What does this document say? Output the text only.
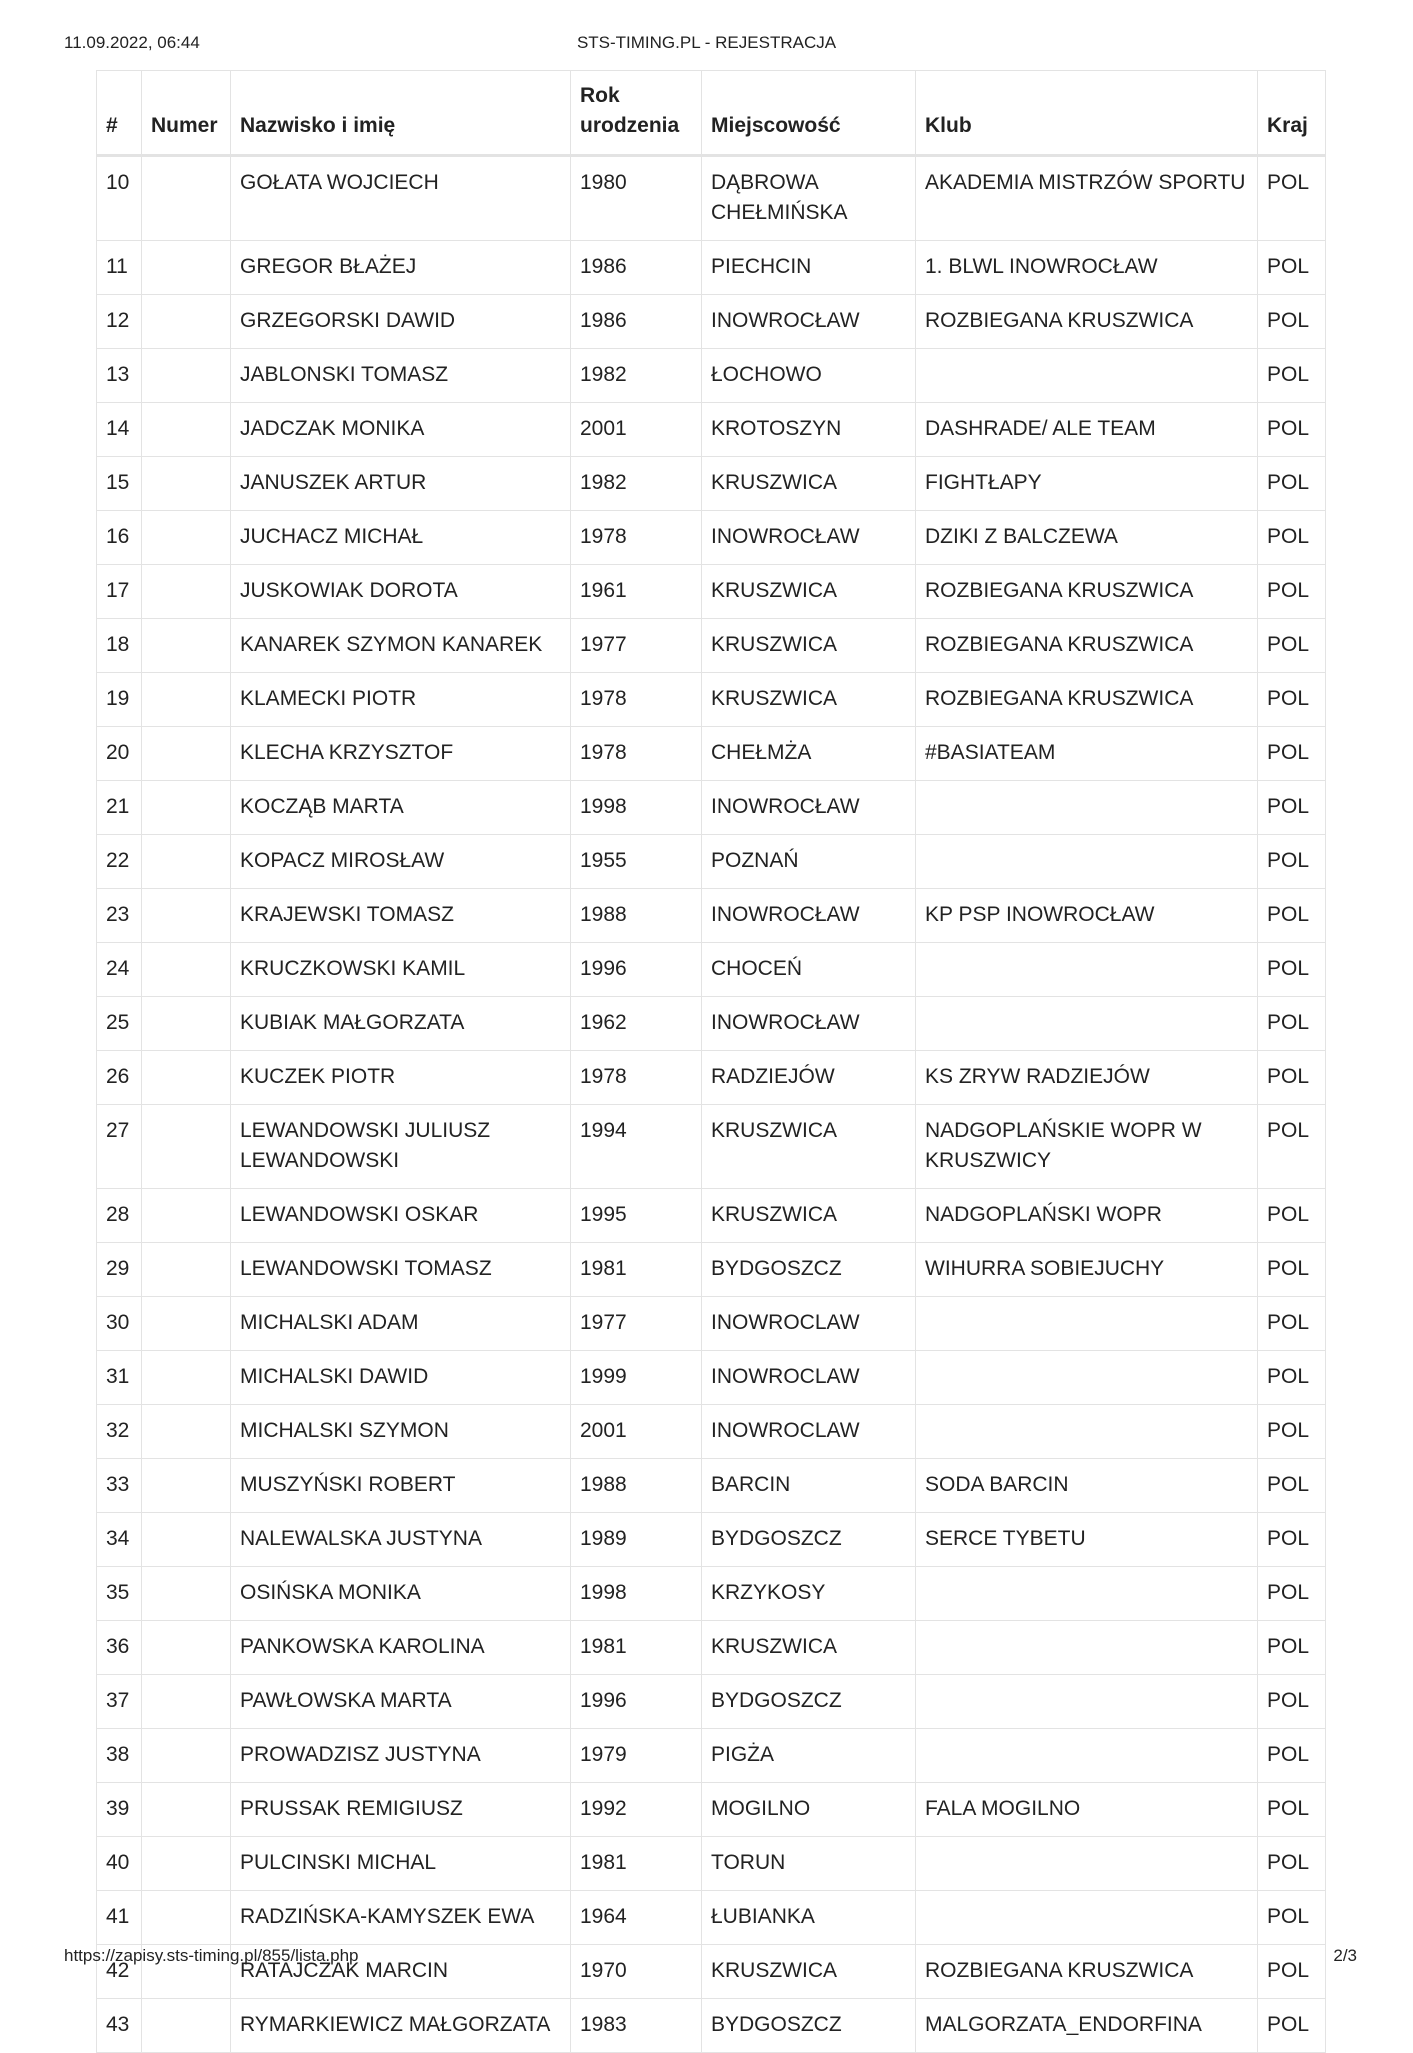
STS-TIMING.PL - REJESTRACJA
11.09.2022, 06:44
#	Numer	Nazwisko i imię	Rok urodzenia	Miejscowość	Klub	Kraj
10		GOŁATA WOJCIECH	1980	DĄBROWA CHEŁMIŃSKA	AKADEMIA MISTRZÓW SPORTU	POL
11		GREGOR BŁAŻEJ	1986	PIECHCIN	1. BLWL INOWROCŁAW	POL
12		GRZEGORSKI DAWID	1986	INOWROCŁAW	ROZBIEGANA KRUSZWICA	POL
13		JABLONSKI TOMASZ	1982	ŁOCHOWO		POL
14		JADCZAK MONIKA	2001	KROTOSZYN	DASHRADE/ ALE TEAM	POL
15		JANUSZEK ARTUR	1982	KRUSZWICA	FIGHTŁAPY	POL
16		JUCHACZ MICHAŁ	1978	INOWROCŁAW	DZIKI Z BALCZEWA	POL
17		JUSKOWIAK DOROTA	1961	KRUSZWICA	ROZBIEGANA KRUSZWICA	POL
18		KANAREK SZYMON KANAREK	1977	KRUSZWICA	ROZBIEGANA KRUSZWICA	POL
19		KLAMECKI PIOTR	1978	KRUSZWICA	ROZBIEGANA KRUSZWICA	POL
20		KLECHA KRZYSZTOF	1978	CHEŁMŻA	#BASIATEAM	POL
21		KOCZĄB MARTA	1998	INOWROCŁAW		POL
22		KOPACZ MIROSŁAW	1955	POZNAŃ		POL
23		KRAJEWSKI TOMASZ	1988	INOWROCŁAW	KP PSP INOWROCŁAW	POL
24		KRUCZKOWSKI KAMIL	1996	CHOCEŃ		POL
25		KUBIAK MAŁGORZATA	1962	INOWROCŁAW		POL
26		KUCZEK PIOTR	1978	RADZIEJÓW	KS ZRYW RADZIEJÓW	POL
27		LEWANDOWSKI JULIUSZ LEWANDOWSKI	1994	KRUSZWICA	NADGOPLAŃSKIE WOPR W KRUSZWICY	POL
28		LEWANDOWSKI OSKAR	1995	KRUSZWICA	NADGOPLAŃSKI WOPR	POL
29		LEWANDOWSKI TOMASZ	1981	BYDGOSZCZ	WIHURRA SOBIEJUCHY	POL
30		MICHALSKI ADAM	1977	INOWROCLAW		POL
31		MICHALSKI DAWID	1999	INOWROCLAW		POL
32		MICHALSKI SZYMON	2001	INOWROCLAW		POL
33		MUSZYŃSKI ROBERT	1988	BARCIN	SODA BARCIN	POL
34		NALEWALSKA JUSTYNA	1989	BYDGOSZCZ	SERCE TYBETU	POL
35		OSIŃSKA MONIKA	1998	KRZYKOSY		POL
36		PANKOWSKA KAROLINA	1981	KRUSZWICA		POL
37		PAWŁOWSKA MARTA	1996	BYDGOSZCZ		POL
38		PROWADZISZ JUSTYNA	1979	PIGŻA		POL
39		PRUSSAK REMIGIUSZ	1992	MOGILNO	FALA MOGILNO	POL
40		PULCINSKI MICHAL	1981	TORUN		POL
41		RADZIŃSKA-KAMYSZEK EWA	1964	ŁUBIANKA		POL
42		RATAJCZAK MARCIN	1970	KRUSZWICA	ROZBIEGANA KRUSZWICA	POL
43		RYMARKIEWICZ MAŁGORZATA	1983	BYDGOSZCZ	MALGORZATA_ENDORFINA	POL
https://zapisy.sts-timing.pl/855/lista.php	2/3
